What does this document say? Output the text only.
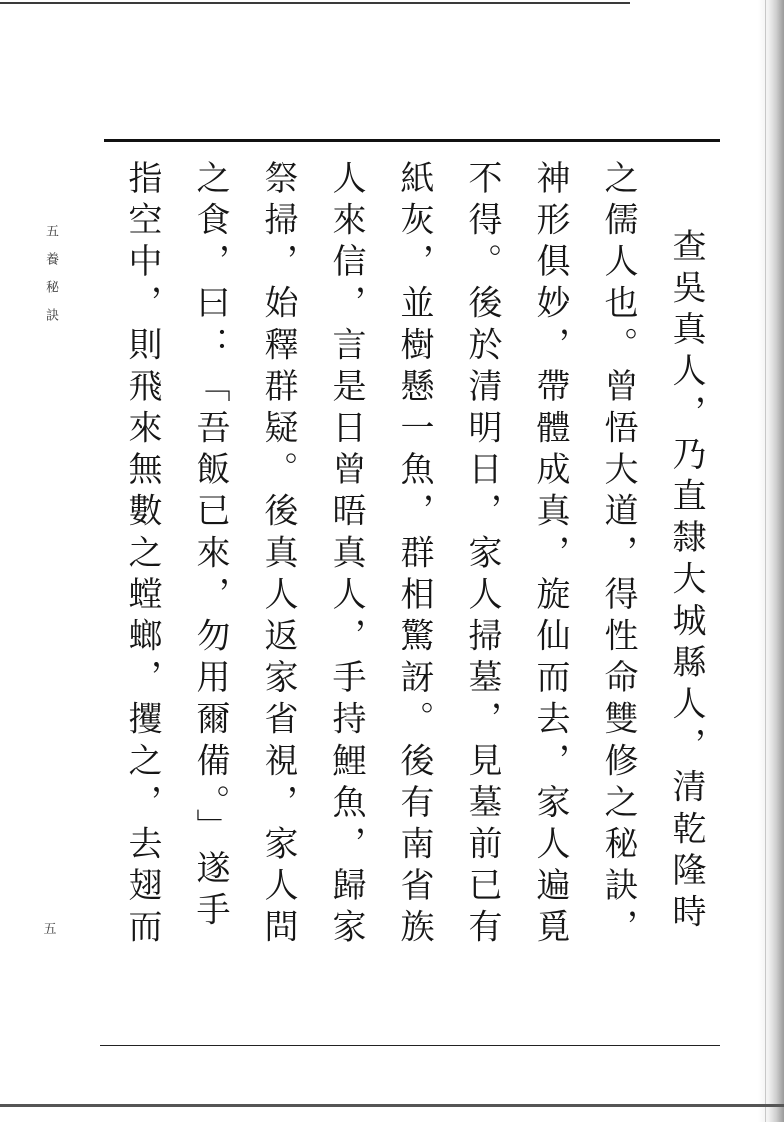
五養秘訣
五	查吳真人，乃直隸大城縣人，清乾隆時
之儒人也。曾悟大道，得性命雙修之秘訣，
神形俱妙，帶體成真，旋仙而去，家人遍覓
不得。後於清明日，家人掃墓，見墓前已有
紙灰，並樹懸一魚，群相驚訝。後有南省族
人來信，言是日曾晤真人，手持鯉魚，歸家
祭掃，始釋群疑。後真人返家省視，家人問
之食，曰：「吾飯已來，勿用爾備。」遂手
指空中，則飛來無數之螳螂，攫之，去翅而
